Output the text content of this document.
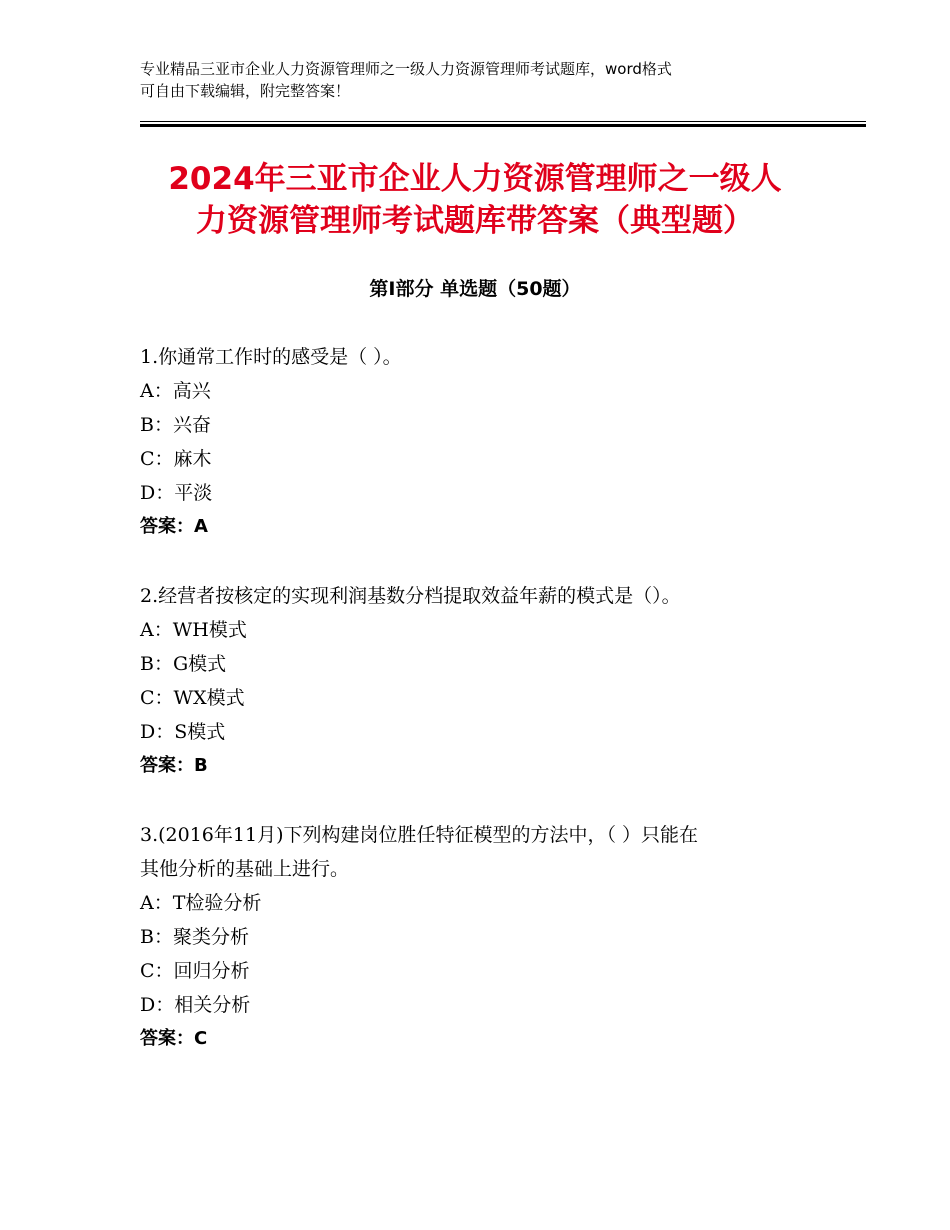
专业精品三亚市企业人力资源管理师之一级人力资源管理师考试题库，word格式
可自由下载编辑，附完整答案！
2024年三亚市企业人力资源管理师之一级人
力资源管理师考试题库带答案（典型题）
第Ⅰ部分 单选题（50题）
1.你通常工作时的感受是（ ）。
A：高兴
B：兴奋
C：麻木
D：平淡
答案：A
2.经营者按核定的实现利润基数分档提取效益年薪的模式是（）。
A：WH模式
B：G模式
C：WX模式
D：S模式
答案：B
3.(2016年11月)下列构建岗位胜任特征模型的方法中，（ ）只能在
其他分析的基础上进行。
A：T检验分析
B：聚类分析
C：回归分析
D：相关分析
答案：C
